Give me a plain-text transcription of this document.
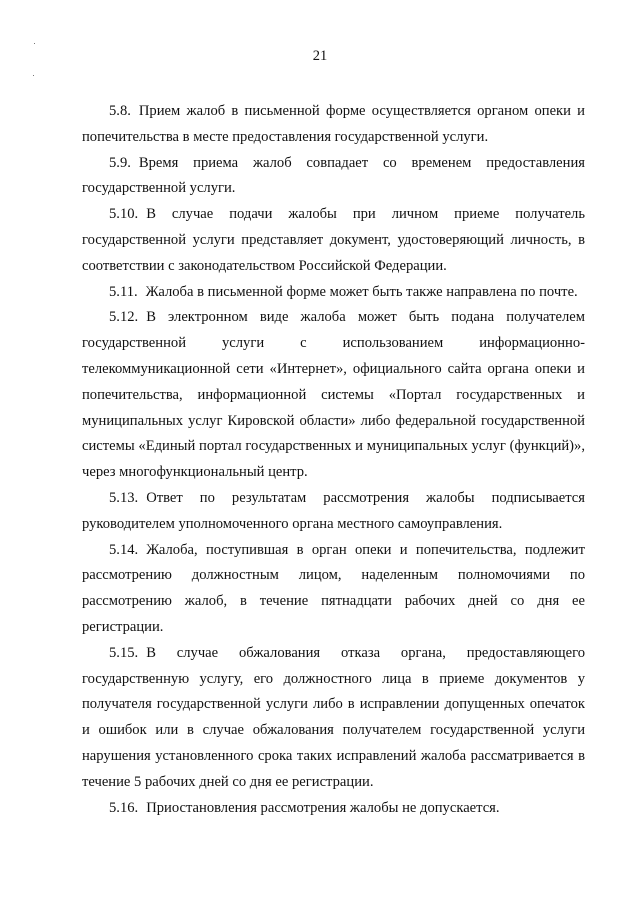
21

5.8. Прием жалоб в письменной форме осуществляется органом опеки и попечительства в месте предоставления государственной услуги.

5.9. Время приема жалоб совпадает со временем предоставления государственной услуги.

5.10. В случае подачи жалобы при личном приеме получатель государственной услуги представляет документ, удостоверяющий личность, в соответствии с законодательством Российской Федерации.

5.11. Жалоба в письменной форме может быть также направлена по почте.

5.12. В электронном виде жалоба может быть подана получателем государственной услуги с использованием информационно-телекоммуникационной сети «Интернет», официального сайта органа опеки и попечительства, информационной системы «Портал государственных и муниципальных услуг Кировской области» либо федеральной государственной системы «Единый портал государственных и муниципальных услуг (функций)», через многофункциональный центр.

5.13. Ответ по результатам рассмотрения жалобы подписывается руководителем уполномоченного органа местного самоуправления.

5.14. Жалоба, поступившая в орган опеки и попечительства, подлежит рассмотрению должностным лицом, наделенным полномочиями по рассмотрению жалоб, в течение пятнадцати рабочих дней со дня ее регистрации.

5.15. В случае обжалования отказа органа, предоставляющего государственную услугу, его должностного лица в приеме документов у получателя государственной услуги либо в исправлении допущенных опечаток и ошибок или в случае обжалования получателем государственной услуги нарушения установленного срока таких исправлений жалоба рассматривается в течение 5 рабочих дней со дня ее регистрации.

5.16. Приостановления рассмотрения жалобы не допускается.
